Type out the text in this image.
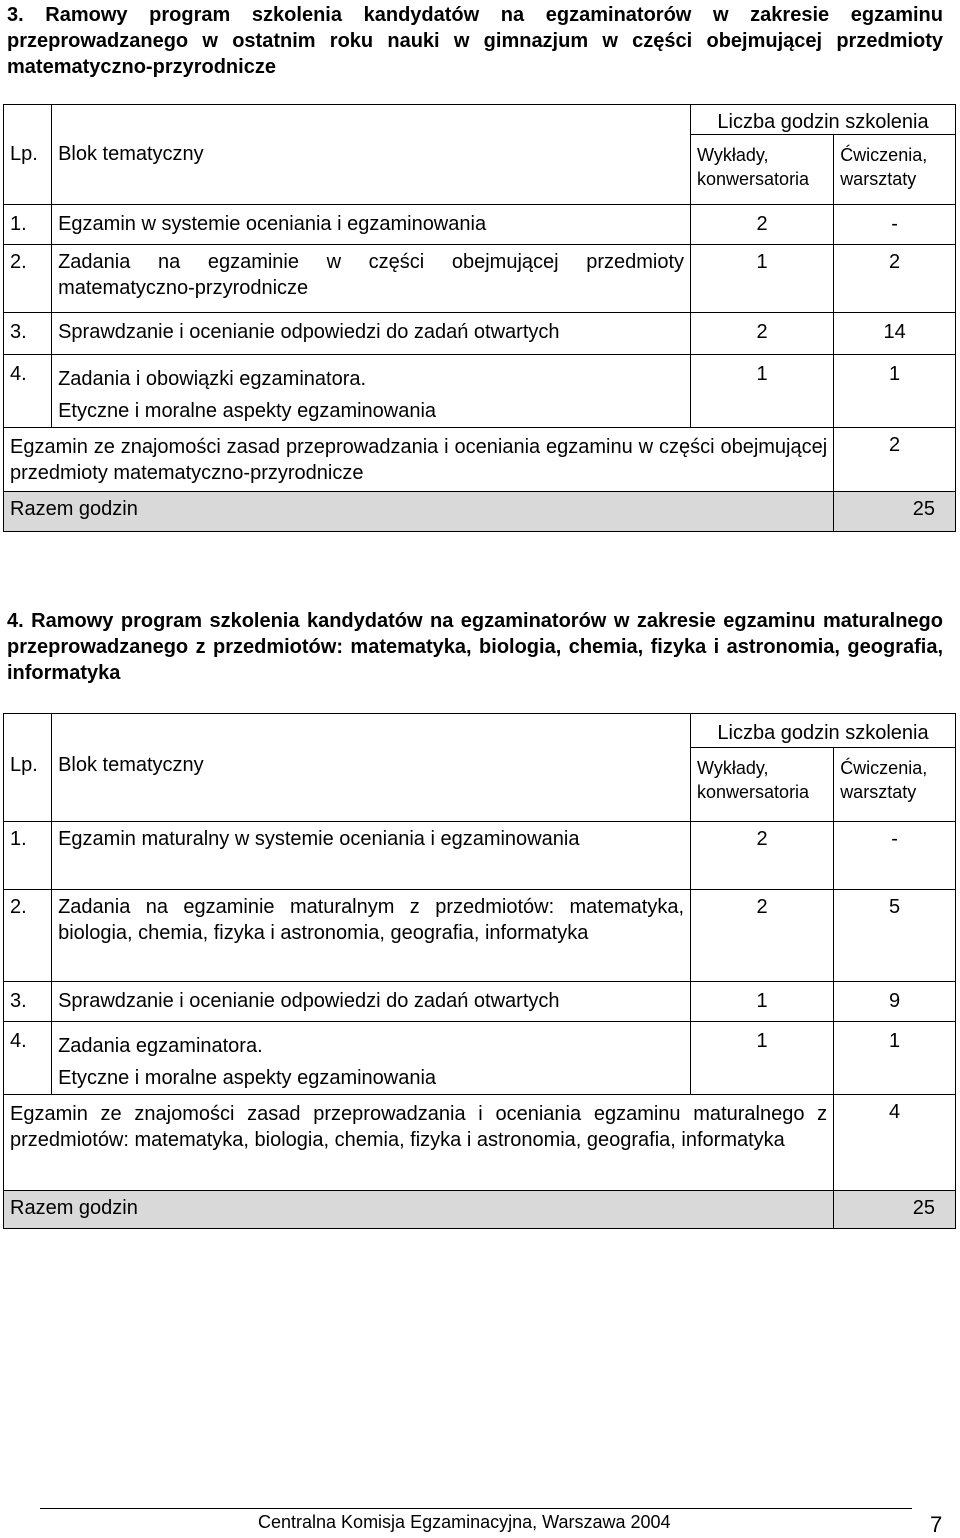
3. Ramowy program szkolenia kandydatów na egzaminatorów w zakresie egzaminu przeprowadzanego w ostatnim roku nauki w gimnazjum w części obejmującej przedmioty matematyczno-przyrodnicze
Lp.	Blok tematyczny	Liczba godzin szkolenia	
		Wykłady, konwersatoria	Ćwiczenia, warsztaty
1.	Egzamin w systemie oceniania i egzaminowania	2	-
2.	Zadania na egzaminie w części obejmującej przedmioty matematyczno-przyrodnicze	1	2
3.	Sprawdzanie i ocenianie odpowiedzi do zadań otwartych	2	14
4.	Zadania i obowiązki egzaminatora.
Etyczne i moralne aspekty egzaminowania	1	1
Egzamin ze znajomości zasad przeprowadzania i oceniania egzaminu w części obejmującej przedmioty matematyczno-przyrodnicze			2
Razem godzin			25
4. Ramowy program szkolenia kandydatów na egzaminatorów w zakresie egzaminu maturalnego przeprowadzanego z przedmiotów: matematyka, biologia, chemia, fizyka i astronomia, geografia, informatyka
Lp.	Blok tematyczny	Liczba godzin szkolenia	
		Wykłady, konwersatoria	Ćwiczenia, warsztaty
1.	Egzamin maturalny w systemie oceniania i egzaminowania	2	-
2.	Zadania na egzaminie maturalnym z przedmiotów: matematyka, biologia, chemia, fizyka i astronomia, geografia, informatyka	2	5
3.	Sprawdzanie i ocenianie odpowiedzi do zadań otwartych	1	9
4.	Zadania egzaminatora.
Etyczne i moralne aspekty egzaminowania	1	1
Egzamin ze znajomości zasad przeprowadzania i oceniania egzaminu maturalnego z przedmiotów: matematyka, biologia, chemia, fizyka i astronomia, geografia, informatyka			4
Razem godzin			25
Centralna Komisja Egzaminacyjna, Warszawa 2004	7
